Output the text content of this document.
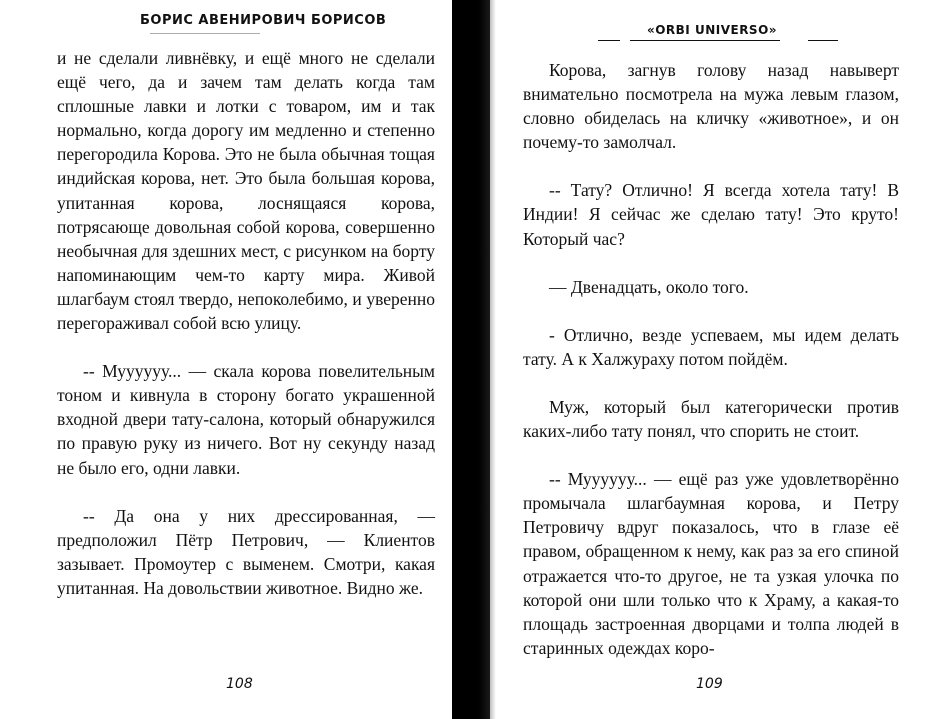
БОРИС АВЕНИРОВИЧ БОРИСОВ

и не сделали ливнёвку, и ещё много не сделали ещё чего, да и зачем там делать когда там сплошные лавки и лотки с товаром, им и так нормально, когда дорогу им медленно и степенно перегородила Корова. Это не была обычная тощая индийская корова, нет. Это была большая корова, упитанная корова, лоснящаяся корова, потрясающе довольная собой корова, совершенно необычная для здешних мест, с рисунком на борту напоминающим чем-то карту мира. Живой шлагбаум стоял твердо, непоколебимо, и уверенно перегораживал собой всю улицу.

-- Муууууу... — скала корова повелительным тоном и кивнула в сторону богато украшенной входной двери тату-салона, который обнаружился по правую руку из ничего. Вот ну секунду назад не было его, одни лавки.

-- Да она у них дрессированная, — предположил Пётр Петрович, — Клиентов зазывает. Промоутер с выменем. Смотри, какая упитанная. На довольствии животное. Видно же.

108
«ORBI UNIVERSO»

Корова, загнув голову назад навыверт внимательно посмотрела на мужа левым глазом, словно обиделась на кличку «животное», и он почему-то замолчал.

-- Тату? Отлично! Я всегда хотела тату! В Индии! Я сейчас же сделаю тату! Это круто! Который час?

— Двенадцать, около того.

- Отлично, везде успеваем, мы идем делать тату. А к Халжураху потом пойдём.

Муж, который был категорически против каких-либо тату понял, что спорить не стоит.

-- Муууууу... — ещё раз уже удовлетворённо промычала шлагбаумная корова, и Петру Петровичу вдруг показалось, что в глазе её правом, обращенном к нему, как раз за его спиной отражается что-то другое, не та узкая улочка по которой они шли только что к Храму, а какая-то площадь застроенная дворцами и толпа людей в старинных одеждах коро-

109
